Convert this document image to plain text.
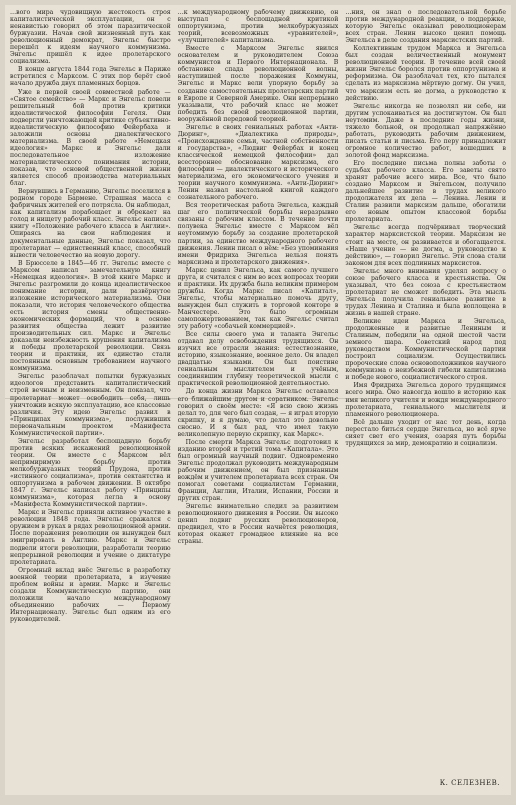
…вого мира чудовищную жестокость строя капиталистической эксплуатации, он с ненавистью говорил об этом паразитической буржуазии. Начав свой жизненный путь как революционный демократ, Энгельс быстро перешёл к идеям научного коммунизма. Энгельс пришёл к идее пролетарского социализма.

В конце августа 1844 года Энгельс в Париже встретился с Марксом. С этих пор берёт своё начало дружба двух пламенных борцов.

Уже в первой своей совместной работе — «Святое семейство» — Маркс и Энгельс повели решительный бой против критики идеалистической философии Гегеля. Они подвергли уничтожающей критике субъективно-идеалистическую философию Фейербаха и заложили основы диалектического материализма. В своей работе «Немецкая идеология» Маркс и Энгельс дали последовательное изложение материалистического понимания истории, показав, что основой общественной жизни является способ производства материальных благ.

Вернувшись в Германию, Энгельс поселился в родном городе Бармене. Страшная масса с фабричных жителей его потрясла. Он наблюдал, как капитализм порабощает и обрекает на голод и нищету рабочий класс. Энгельс написал книгу «Положение рабочего класса в Англии». Опираясь на свои наблюдения и документальные данные, Энгельс показал, что пролетариат — единственный класс, способный вывести человечество на новую дорогу.

В Брюсселе в 1845—46 гг. Энгельс вместе с Марксом написал замечательную книгу «Немецкая идеология». В этой книге Маркс и Энгельс разгромили до конца идеалистическое понимание истории, дали развёрнутое изложение исторического материализма. Они показали, что история человеческого общества есть история смены общественно-экономических формаций, что в основе развития общества лежит развитие производительных сил. Маркс и Энгельс доказали неизбежность крушения капитализма и победы пролетарской революции. Связь теории и практики, их единство стали постоянным основным требованием научного коммунизма.

Энгельс разоблачал попытки буржуазных идеологов представить капиталистический строй вечным и неизменным. Он показал, что пролетариат может освободить себя, лишь уничтожив всякую эксплуатацию, все классовые различия. Эту идею Энгельс развил в «Принципах коммунизма», послуживших первоначальным проектом «Манифеста Коммунистической партии».

Энгельс разработал беспощадную борьбу против всяких искажений революционной теории. Он вместе с Марксом вёл непримиримую борьбу против мелкобуржуазных теорий Прудона, против «истинного социализма», против сектантства и оппортунизма в рабочем движении. В октябре 1847 г. Энгельс написал работу «Принципы коммунизма», которая легла в основу «Манифеста Коммунистической партии».

Маркс и Энгельс приняли активное участие в революции 1848 года. Энгельс сражался с оружием в руках в рядах революционной армии. После поражения революции он вынужден был эмигрировать в Англию. Маркс и Энгельс подвели итоги революции, разработали теорию непрерывной революции и учение о диктатуре пролетариата.

Огромный вклад внёс Энгельс в разработку военной теории пролетариата, в изучение проблем войны и армии. Маркс и Энгельс создали Коммунистическую партию, они положили начало международному объединению рабочих — Первому Интернационалу. Энгельс был одним из его руководителей.

…к международному рабочему движению, он выступал с беспощадной критикой оппортунизма, против мелкобуржуазных теорий, всевозможных «уравнителей», «улучшителей» капитализма.

Вместе с Марксом Энгельс явился основателем и руководителем Союза коммунистов и Первого Интернационала. В обстановке спада революционной волны, наступившей после поражения Коммуны, Энгельс и Маркс вели упорную борьбу за создание самостоятельных пролетарских партий в Европе и Северной Америке. Они непрерывно указывали, что рабочий класс не может победить без своей революционной партии, вооружённой передовой теорией.

Энгельс в своих гениальных работах «Анти-Дюринг», «Диалектика природы», «Происхождение семьи, частной собственности и государства», «Людвиг Фейербах и конец классической немецкой философии» дал всестороннее обоснование марксизма, его философии — диалектического и исторического материализма, его экономического учения и теории научного коммунизма. «Анти-Дюринг» Ленин назвал настольной книгой каждого сознательного рабочего.

Вся теоретическая работа Энгельса, каждый шаг его политической борьбы неразрывно связаны с рабочим классом. В течение почти полувека Энгельс вместе с Марксом вёл неутомимую борьбу за создание пролетарской партии, за единство международного рабочего движения. Ленин писал о нём: «Без упоминания имени Фридриха Энгельса нельзя понять марксизма и пролетарского движения».

Маркс ценил Энгельса, как самого лучшего друга, и считался с ним во всех вопросах теории и практики. Их дружба была великим примером дружбы. Когда Маркс писал «Капитал», Энгельс, чтобы материально помочь другу, вынужден был служить в торговой конторе в Манчестере. Это было огромным самопожертвованием, так как Энгельс считал эту работу «собачьей коммерцией».

Все силы своего ума и таланта Энгельс отдавал делу освобождения трудящихся. Он изучил все отрасли знания: естествознание, историю, языкознание, военное дело. Он владел двадцатью языками. Он был поистине гениальным мыслителем и учёным, соединявшим глубину теоретической мысли с практической революционной деятельностью.

До конца жизни Маркса Энгельс оставался его ближайшим другом и соратником. Энгельс говорил о своём месте: «Я всю свою жизнь делал то, для чего был создан, — я играл вторую скрипку, и я думаю, что делал это довольно сносно. И я был рад, что имел такую великолепную первую скрипку, как Маркс».

После смерти Маркса Энгельс подготовил к изданию второй и третий тома «Капитала». Это был огромный научный подвиг. Одновременно Энгельс продолжал руководить международным рабочим движением, он был признанным вождём и учителем пролетариата всех стран. Он помогал советами социалистам Германии, Франции, Англии, Италии, Испании, России и других стран.

Энгельс внимательно следил за развитием революционного движения в России. Он высоко ценил подвиг русских революционеров, предвидел, что в России начнётся революция, которая окажет громадное влияние на все страны.

…ния, он знал о последовательной борьбе против международной реакции, о поддержке, которую Энгельс оказывал революционерам всех стран. Ленин высоко ценил помощь Энгельса в деле создания марксистских партий.

Коллективным трудом Маркса и Энгельса был создан величественный монумент революционной теории. В течение всей своей жизни Энгельс боролся против оппортунизма и реформизма. Он разоблачал тех, кто пытался сделать из марксизма мёртвую догму. Он учил, что марксизм есть не догма, а руководство к действию.

Энгельс никогда не позволял ни себе, ни другим успокаиваться на достигнутом. Он был неутомим. Даже в последние годы жизни, тяжело больной, он продолжал напряжённо работать, руководить рабочим движением, писать статьи и письма. Его перу принадлежит огромное количество работ, вошедших в золотой фонд марксизма.

Его последние письма полны заботы о судьбах рабочего класса. Его заветы свято хранят рабочие всего мира. Все, что было создано Марксом и Энгельсом, получило дальнейшее развитие в трудах великого продолжателя их дела — Ленина. Ленин и Сталин развили марксизм дальше, обогатили его новым опытом классовой борьбы пролетариата.

Энгельс всегда подчёркивал творческий характер марксистской теории. Марксизм не стоит на месте, он развивается и обогащается. «Наше учение — не догма, а руководство к действию», — говорил Энгельс. Эти слова стали законом для всех подлинных марксистов.

Энгельс много внимания уделял вопросу о союзе рабочего класса и крестьянства. Он указывал, что без союза с крестьянством пролетариат не сможет победить. Эта мысль Энгельса получила гениальное развитие в трудах Ленина и Сталина и была воплощена в жизнь в нашей стране.

Великие идеи Маркса и Энгельса, продолженные и развитые Лениным и Сталиным, победили на одной шестой части земного шара. Советский народ под руководством Коммунистической партии построил социализм. Осуществились пророческие слова основоположников научного коммунизма о неизбежной гибели капитализма и победе нового, социалистического строя.

Имя Фридриха Энгельса дорого трудящимся всего мира. Оно навсегда вошло в историю как имя великого учителя и вождя международного пролетариата, гениального мыслителя и пламенного революционера.

Всё дальше уходит от нас тот день, когда перестало биться сердце Энгельса, но всё ярче сияет свет его учения, озаряя путь борьбы трудящихся за мир, демократию и социализм.

К. СЕЛЕЗНЕВ.
